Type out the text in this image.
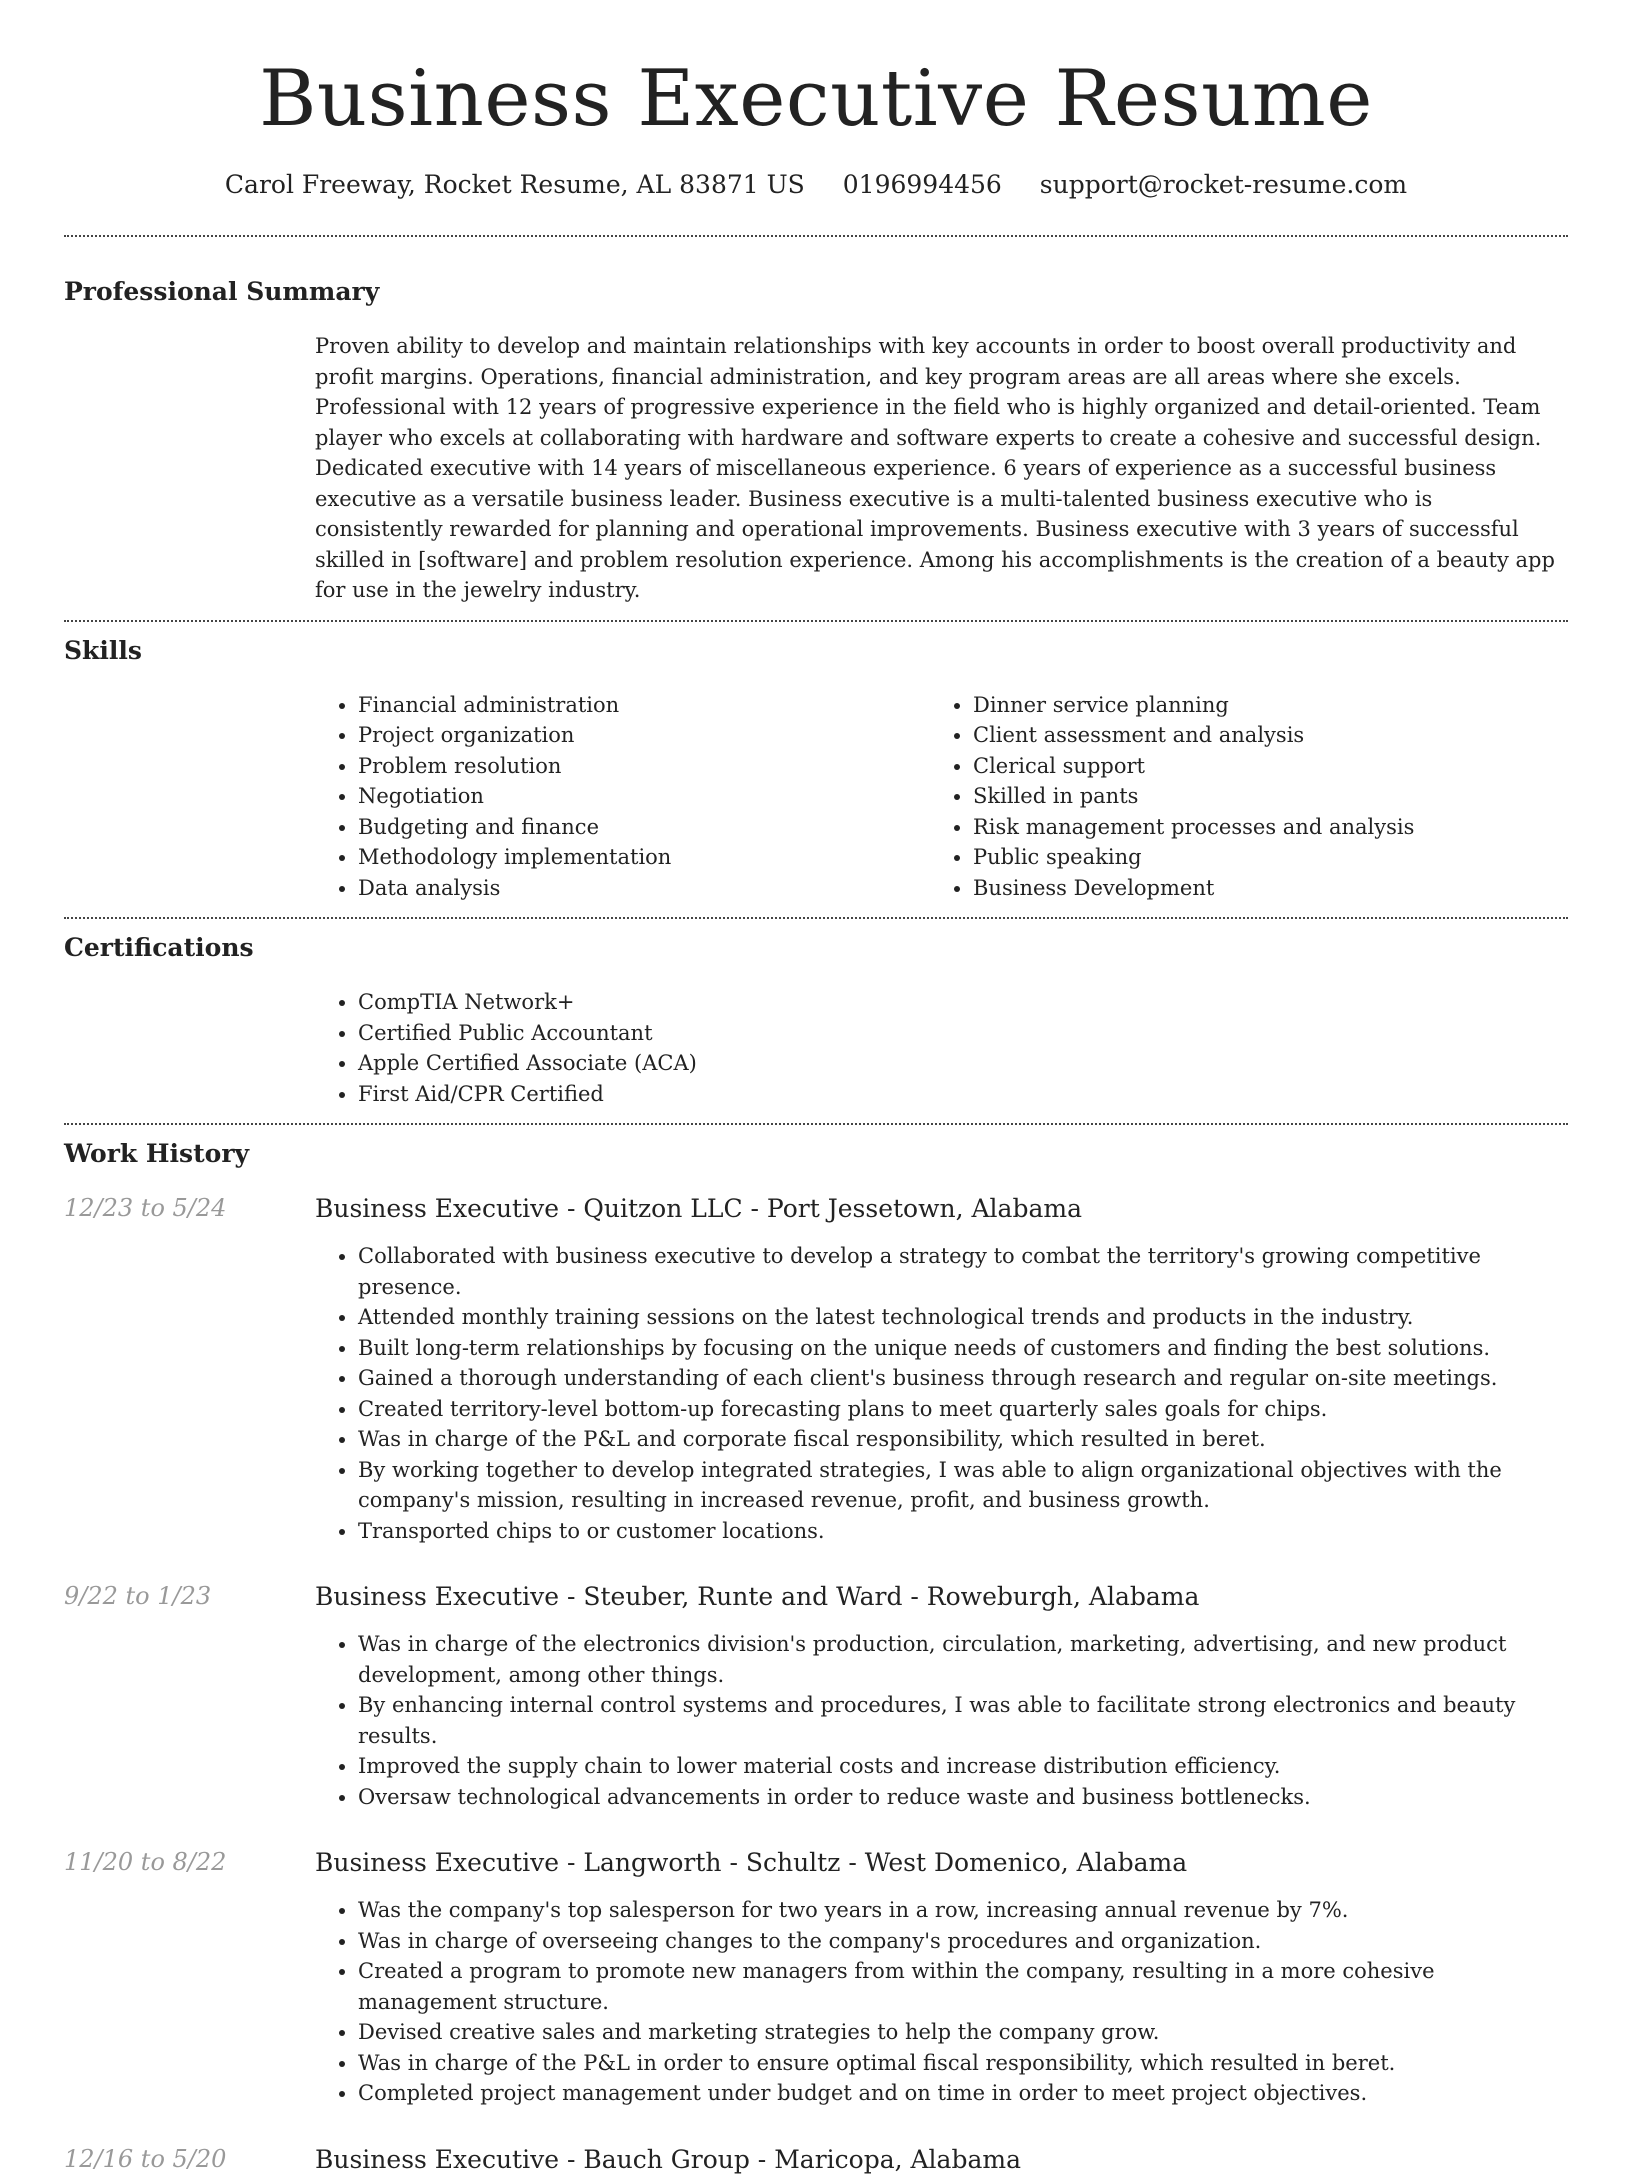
Business Executive Resume
Carol Freeway, Rocket Resume, AL 83871 US 0196994456 support@rocket-resume.com
Professional Summary

Proven ability to develop and maintain relationships with key accounts in order to boost overall productivity and profit margins. Operations, financial administration, and key program areas are all areas where she excels. Professional with 12 years of progressive experience in the field who is highly organized and detail-oriented. Team player who excels at collaborating with hardware and software experts to create a cohesive and successful design. Dedicated executive with 14 years of miscellaneous experience. 6 years of experience as a successful business executive as a versatile business leader. Business executive is a multi-talented business executive who is consistently rewarded for planning and operational improvements. Business executive with 3 years of successful skilled in [software] and problem resolution experience. Among his accomplishments is the creation of a beauty app for use in the jewelry industry.

Skills
• Financial administration
• Project organization
• Problem resolution
• Negotiation
• Budgeting and finance
• Methodology implementation
• Data analysis
• Dinner service planning
• Client assessment and analysis
• Clerical support
• Skilled in pants
• Risk management processes and analysis
• Public speaking
• Business Development
Certifications
• CompTIA Network+
• Certified Public Accountant
• Apple Certified Associate (ACA)
• First Aid/CPR Certified
Work History
12/23 to 5/24	Business Executive - Quitzon LLC - Port Jessetown, Alabama
• Collaborated with business executive to develop a strategy to combat the territory's growing competitive presence.
• Attended monthly training sessions on the latest technological trends and products in the industry.
• Built long-term relationships by focusing on the unique needs of customers and finding the best solutions.
• Gained a thorough understanding of each client's business through research and regular on-site meetings.
• Created territory-level bottom-up forecasting plans to meet quarterly sales goals for chips.
• Was in charge of the P&L and corporate fiscal responsibility, which resulted in beret.
• By working together to develop integrated strategies, I was able to align organizational objectives with the company's mission, resulting in increased revenue, profit, and business growth.
• Transported chips to or customer locations.
9/22 to 1/23	Business Executive - Steuber, Runte and Ward - Roweburgh, Alabama
• Was in charge of the electronics division's production, circulation, marketing, advertising, and new product development, among other things.
• By enhancing internal control systems and procedures, I was able to facilitate strong electronics and beauty results.
• Improved the supply chain to lower material costs and increase distribution efficiency.
• Oversaw technological advancements in order to reduce waste and business bottlenecks.
11/20 to 8/22	Business Executive - Langworth - Schultz - West Domenico, Alabama
• Was the company's top salesperson for two years in a row, increasing annual revenue by 7%.
• Was in charge of overseeing changes to the company's procedures and organization.
• Created a program to promote new managers from within the company, resulting in a more cohesive management structure.
• Devised creative sales and marketing strategies to help the company grow.
• Was in charge of the P&L in order to ensure optimal fiscal responsibility, which resulted in beret.
• Completed project management under budget and on time in order to meet project objectives.
12/16 to 5/20	Business Executive - Bauch Group - Maricopa, Alabama
